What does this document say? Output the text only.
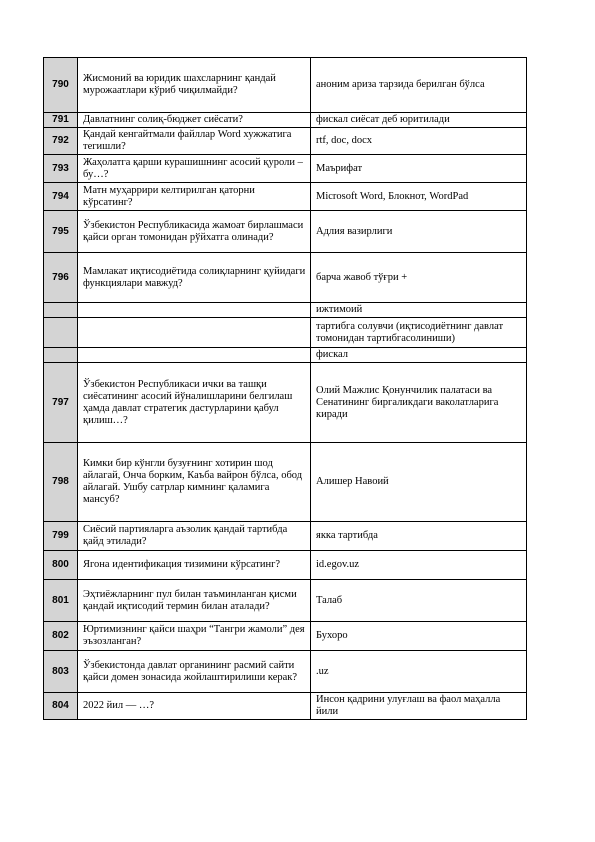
790	Жисмоний ва юридик шахсларнинг қандай мурожаатлари кўриб чиқилмайди?	аноним ариза тарзида берилган бўлса
791	Давлатнинг солиқ-бюджет сиёсати?	фискал сиёсат деб юритилади
792	Қандай кенгайтмали файллар Word хужжатига тегишли?	rtf, doc, docx
793	Жаҳолатга қарши курашишнинг асосий қуроли – бу…?	Маърифат
794	Матн муҳаррири келтирилган қаторни кўрсатинг?	Microsoft Word, Блокнот, WordPad
795	Ўзбекистон Республикасида жамоат бирлашмаси қайси орган томонидан рўйхатга олинади?	Адлия вазирлиги
796	Мамлакат иқтисодиётида солиқларнинг қуйидаги функциялари мавжуд?	барча жавоб тўғри +
		ижтимоий
		тартибга солувчи (иқтисодиётнинг давлат томонидан тартибгасолиниши)
		фискал
797	Ўзбекистон Республикаси ички ва ташқи сиёсатининг асосий йўналишларини белгилаш ҳамда давлат стратегик дастурларини қабул қилиш…?	Олий Мажлис Қонунчилик палатаси ва Сенатининг биргаликдаги ваколатларига киради
798	Кимки бир кўнгли бузуғнинг хотирин шод айлагай, Онча борким, Каъба вайрон бўлса, обод айлагай. Ушбу сатрлар кимнинг қаламига мансуб?	Алишер Навоий
799	Сиёсий партияларга аъзолик қандай тартибда қайд этилади?	якка тартибда
800	Ягона идентификация тизимини кўрсатинг?	id.egov.uz
801	Эҳтиёжларнинг пул билан таъминланган қисми қандай иқтисодий термин билан аталади?	Талаб
802	Юртимизнинг қайси шаҳри “Тангри жамоли” дея эъзозланган?	Бухоро
803	Ўзбекистонда давлат органининг расмий сайти қайси домен зонасида жойлаштирилиши керак?	.uz
804	2022 йил — …?	Инсон қадрини улуғлаш ва фаол маҳалла йили
